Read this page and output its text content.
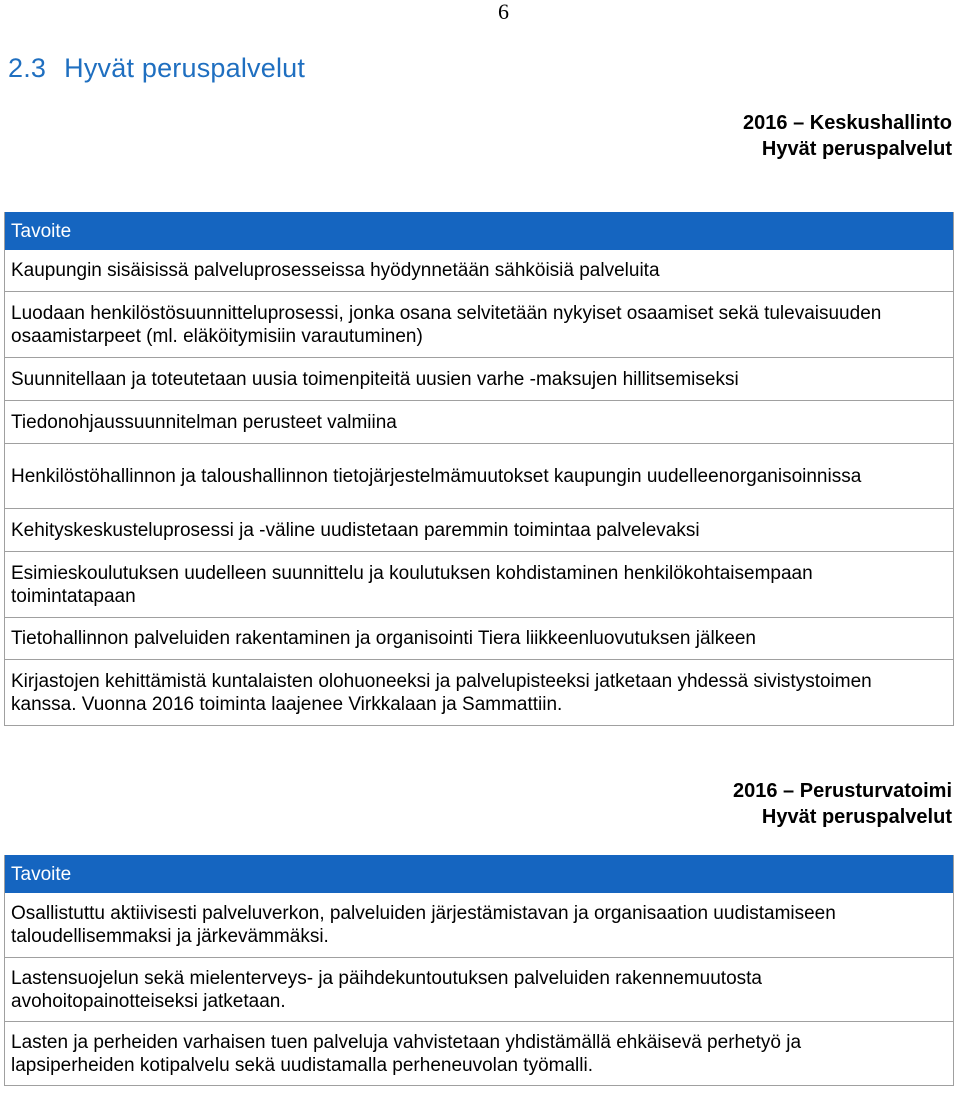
6
2.3 Hyvät peruspalvelut
2016 – Keskushallinto
Hyvät peruspalvelut
Tavoite
Kaupungin sisäisissä palveluprosesseissa hyödynnetään sähköisiä palveluita
Luodaan henkilöstösuunnitteluprosessi, jonka osana selvitetään nykyiset osaamiset sekä tulevaisuuden osaamistarpeet (ml. eläköitymisiin varautuminen)
Suunnitellaan ja toteutetaan uusia toimenpiteitä uusien varhe -maksujen hillitsemiseksi
Tiedonohjaussuunnitelman perusteet valmiina
Henkilöstöhallinnon ja taloushallinnon tietojärjestelmämuutokset kaupungin uudelleenorganisoinnissa
Kehityskeskusteluprosessi ja -väline uudistetaan paremmin toimintaa palvelevaksi
Esimieskoulutuksen uudelleen suunnittelu ja koulutuksen kohdistaminen henkilökohtaisempaan toimintatapaan
Tietohallinnon palveluiden rakentaminen ja organisointi Tiera liikkeenluovutuksen jälkeen
Kirjastojen kehittämistä kuntalaisten olohuoneeksi ja palvelupisteeksi jatketaan yhdessä sivistystoimen kanssa. Vuonna 2016 toiminta laajenee Virkkalaan ja Sammattiin.
2016 – Perusturvatoimi
Hyvät peruspalvelut
Tavoite
Osallistuttu aktiivisesti palveluverkon, palveluiden järjestämistavan ja organisaation uudistamiseen taloudellisemmaksi ja järkevämmäksi.
Lastensuojelun sekä mielenterveys- ja päihdekuntoutuksen palveluiden rakennemuutosta avohoitopainotteiseksi jatketaan.
Lasten ja perheiden varhaisen tuen palveluja vahvistetaan yhdistämällä ehkäisevä perhetyö ja lapsiperheiden kotipalvelu sekä uudistamalla perheneuvolan työmalli.
